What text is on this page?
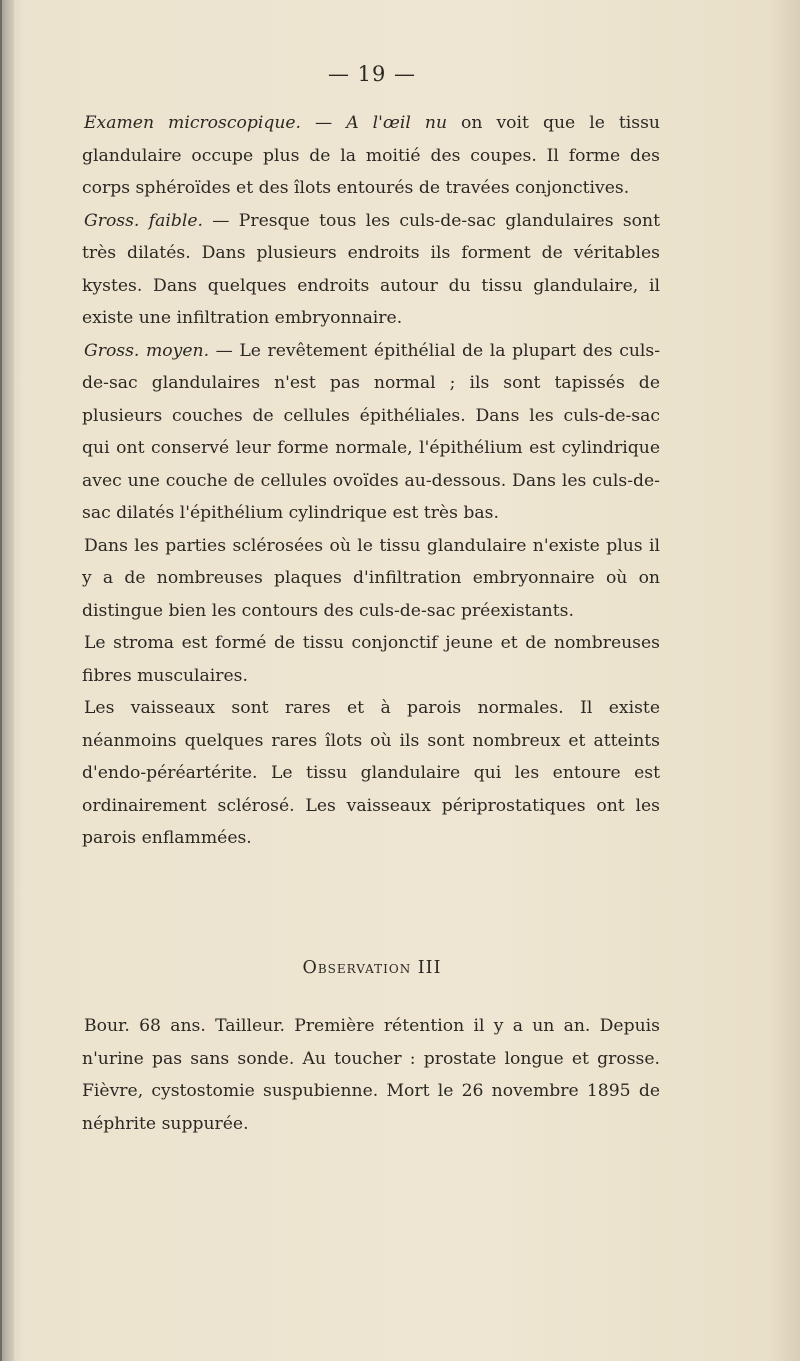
— 19 —

Examen microscopique. — A l'œil nu on voit que le tissu glandulaire occupe plus de la moitié des coupes. Il forme des corps sphéroïdes et des îlots entourés de travées conjonctives.

Gross. faible. — Presque tous les culs-de-sac glandulaires sont très dilatés. Dans plusieurs endroits ils forment de véritables kystes. Dans quelques endroits autour du tissu glandulaire, il existe une infiltration embryonnaire.

Gross. moyen. — Le revêtement épithélial de la plupart des culs-de-sac glandulaires n'est pas normal ; ils sont tapissés de plusieurs couches de cellules épithéliales. Dans les culs-de-sac qui ont conservé leur forme normale, l'épithélium est cylindrique avec une couche de cellules ovoïdes au-dessous. Dans les culs-de-sac dilatés l'épithélium cylindrique est très bas.

Dans les parties sclérosées où le tissu glandulaire n'existe plus il y a de nombreuses plaques d'infiltration embryonnaire où on distingue bien les contours des culs-de-sac préexistants.

Le stroma est formé de tissu conjonctif jeune et de nombreuses fibres musculaires.

Les vaisseaux sont rares et à parois normales. Il existe néanmoins quelques rares îlots où ils sont nombreux et atteints d'endo-péréartérite. Le tissu glandulaire qui les entoure est ordinairement sclérosé. Les vaisseaux périprostatiques ont les parois enflammées.

Observation III

Bour. 68 ans. Tailleur. Première rétention il y a un an. Depuis n'urine pas sans sonde. Au toucher : prostate longue et grosse. Fièvre, cystostomie suspubienne. Mort le 26 novembre 1895 de néphrite suppurée.
